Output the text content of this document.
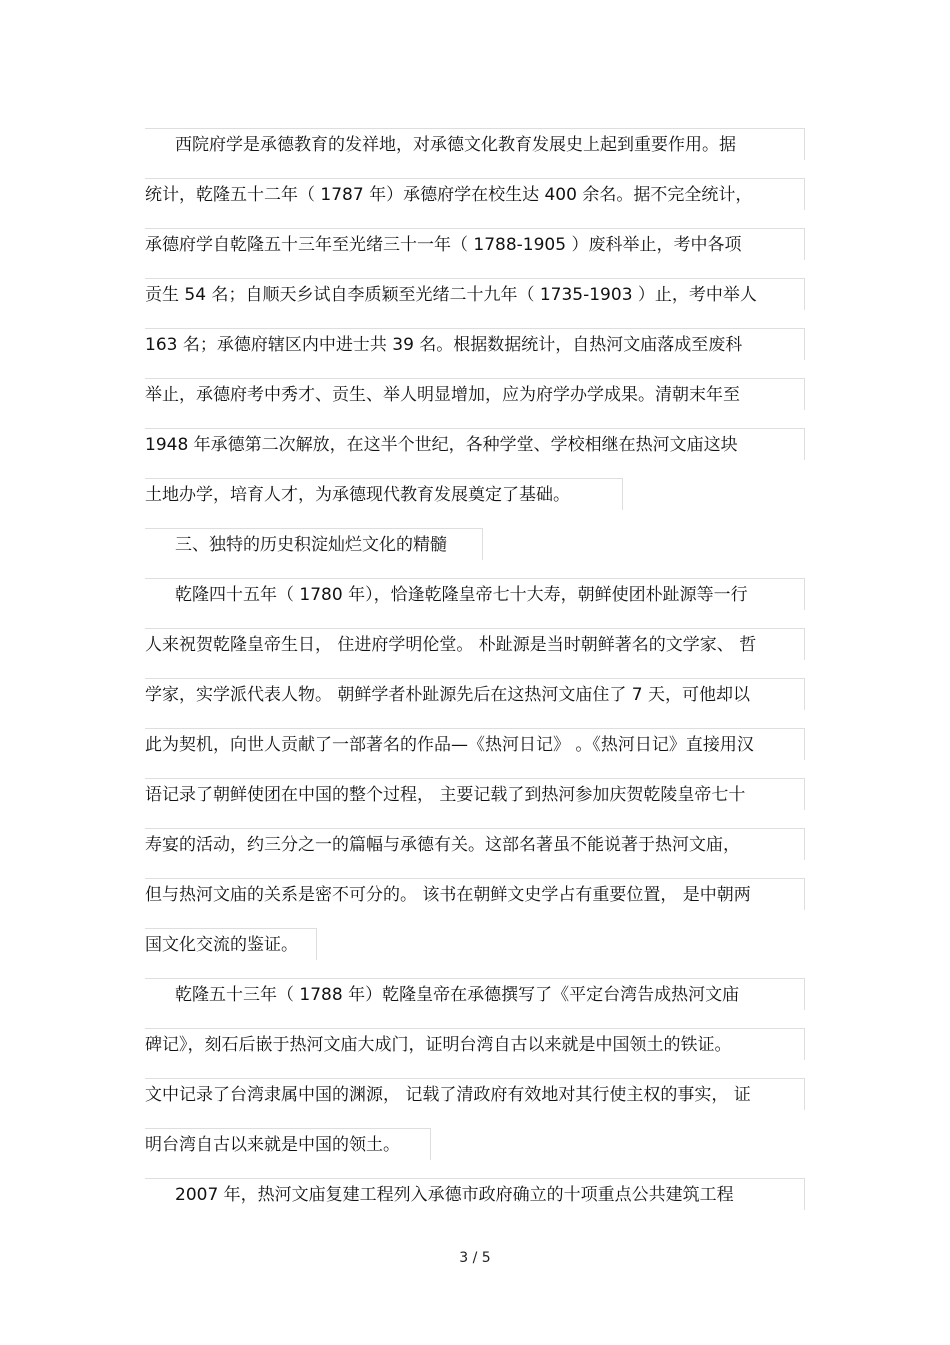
西院府学是承德教育的发祥地，对承德文化教育发展史上起到重要作用。据
统计，乾隆五十二年（ 1787 年）承德府学在校生达 400 余名。据不完全统计，
承德府学自乾隆五十三年至光绪三十一年（ 1788-1905 ）废科举止，考中各项
贡生 54 名；自顺天乡试自李质颖至光绪二十九年（ 1735-1903 ）止，考中举人
163 名；承德府辖区内中进士共 39 名。根据数据统计，自热河文庙落成至废科
举止，承德府考中秀才、贡生、举人明显增加，应为府学办学成果。清朝末年至
1948 年承德第二次解放，在这半个世纪，各种学堂、学校相继在热河文庙这块
土地办学，培育人才，为承德现代教育发展奠定了基础。
三、独特的历史积淀灿烂文化的精髓
乾隆四十五年（ 1780 年），恰逢乾隆皇帝七十大寿，朝鲜使团朴趾源等一行
人来祝贺乾隆皇帝生日， 住进府学明伦堂。 朴趾源是当时朝鲜著名的文学家、 哲
学家，实学派代表人物。 朝鲜学者朴趾源先后在这热河文庙住了 7 天，可他却以
此为契机，向世人贡献了一部著名的作品—《热河日记》 。《热河日记》直接用汉
语记录了朝鲜使团在中国的整个过程， 主要记载了到热河参加庆贺乾陵皇帝七十
寿宴的活动，约三分之一的篇幅与承德有关。这部名著虽不能说著于热河文庙，
但与热河文庙的关系是密不可分的。 该书在朝鲜文史学占有重要位置， 是中朝两
国文化交流的鉴证。
乾隆五十三年（ 1788 年）乾隆皇帝在承德撰写了《平定台湾告成热河文庙
碑记》，刻石后嵌于热河文庙大成门，证明台湾自古以来就是中国领土的铁证。
文中记录了台湾隶属中国的渊源， 记载了清政府有效地对其行使主权的事实， 证
明台湾自古以来就是中国的领土。
2007 年，热河文庙复建工程列入承德市政府确立的十项重点公共建筑工程
3 / 5
